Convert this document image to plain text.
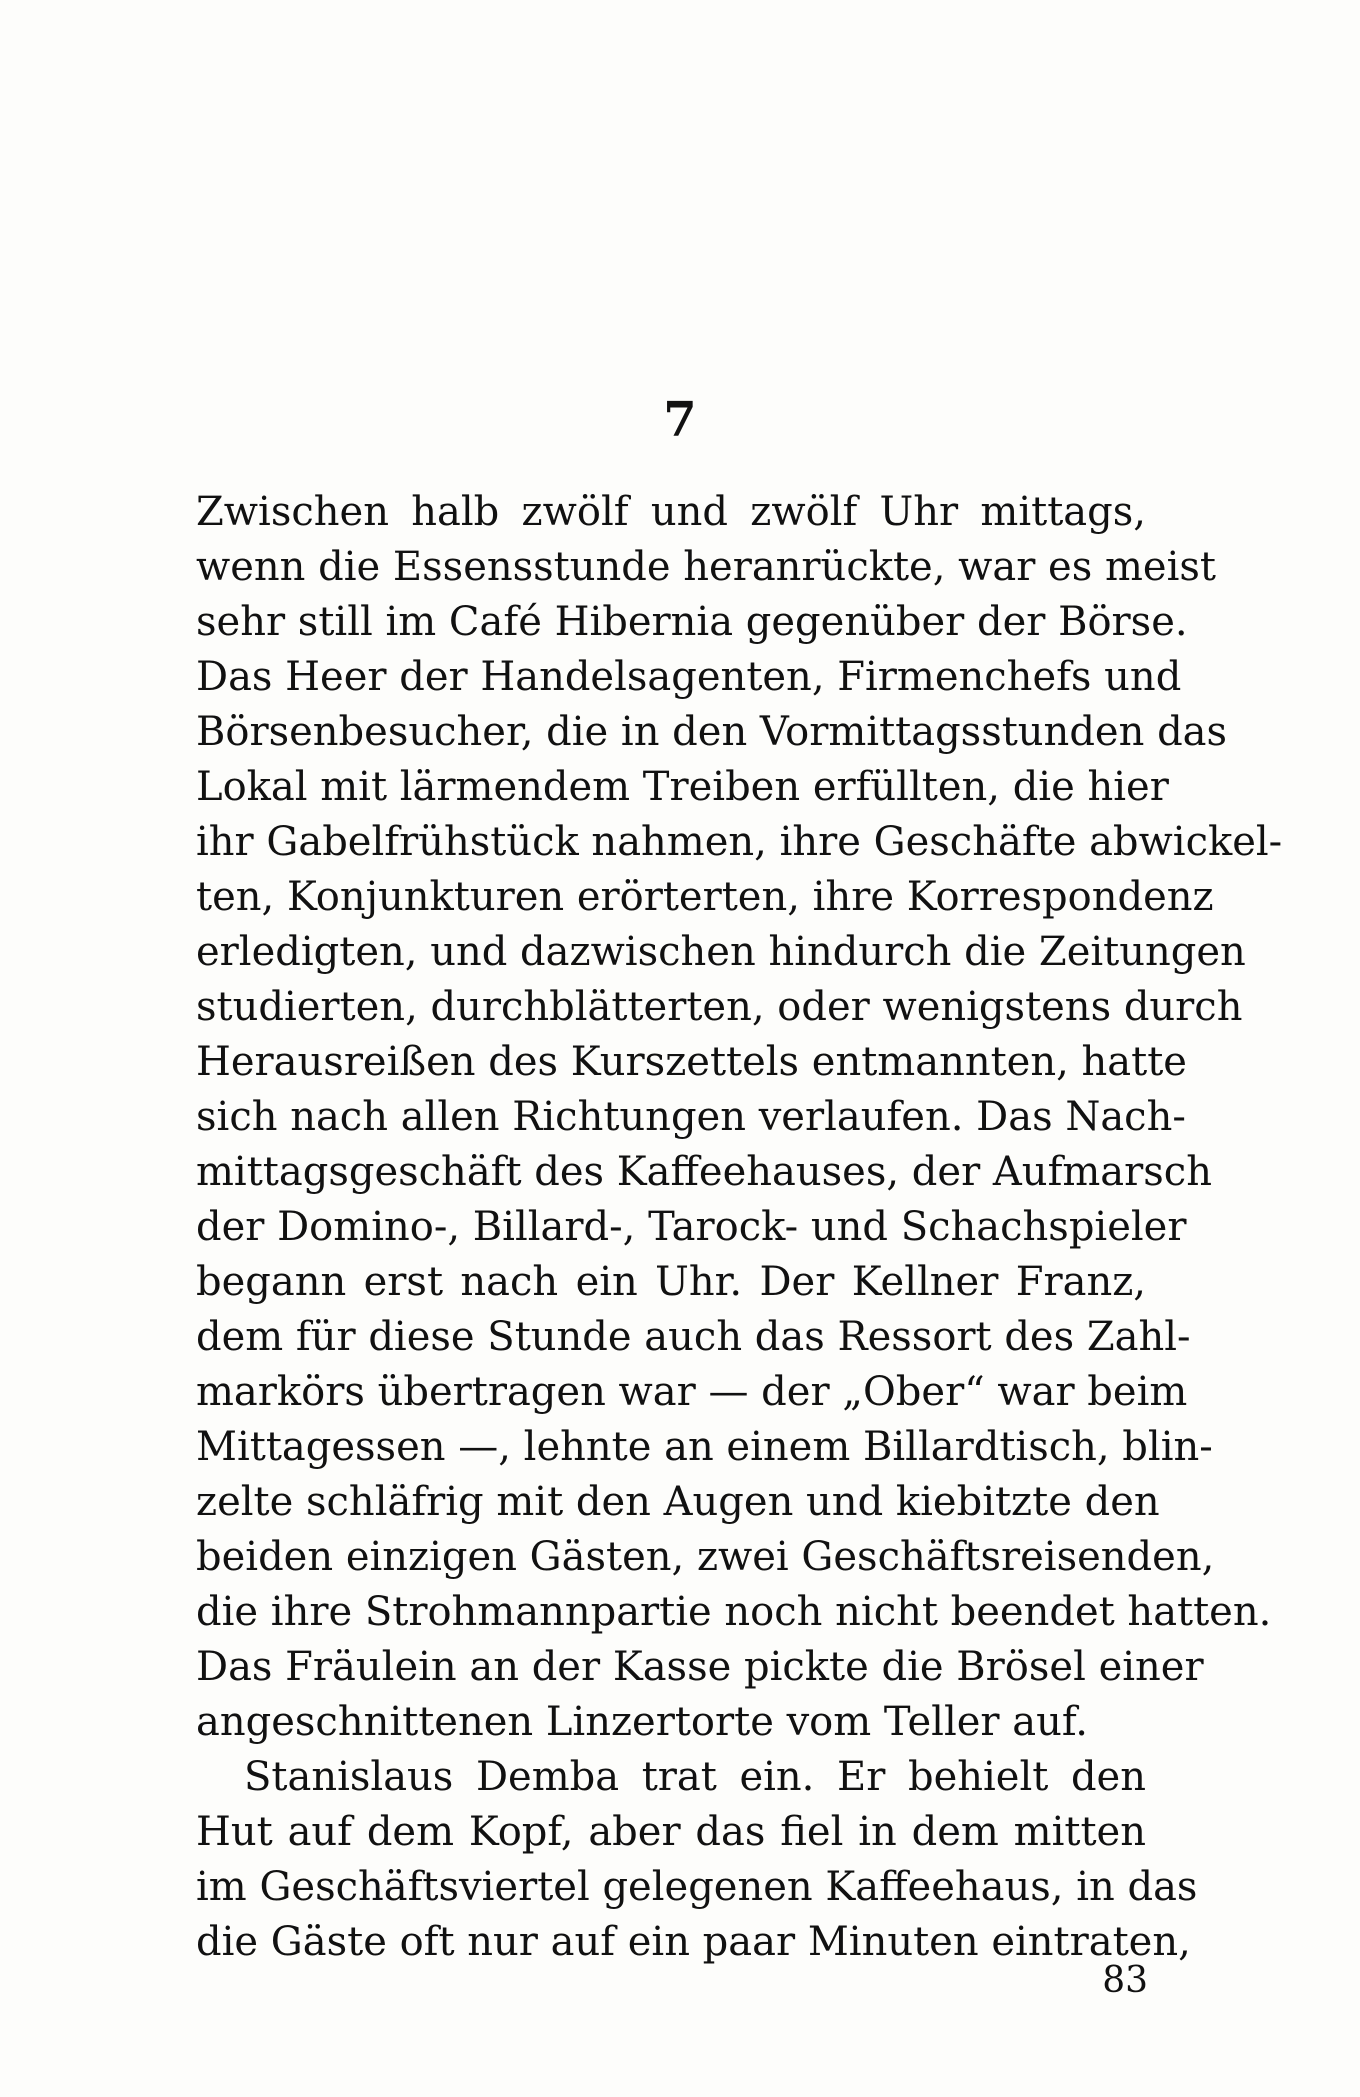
7
Zwischen halb zwölf und zwölf Uhr mittags,
wenn die Essensstunde heranrückte, war es meist
sehr still im Café Hibernia gegenüber der Börse.
Das Heer der Handelsagenten, Firmenchefs und
Börsenbesucher, die in den Vormittagsstunden das
Lokal mit lärmendem Treiben erfüllten, die hier
ihr Gabelfrühstück nahmen, ihre Geschäfte abwickel-
ten, Konjunkturen erörterten, ihre Korrespondenz
erledigten, und dazwischen hindurch die Zeitungen
studierten, durchblätterten, oder wenigstens durch
Herausreißen des Kurszettels entmannten, hatte
sich nach allen Richtungen verlaufen. Das Nach-
mittagsgeschäft des Kaffeehauses, der Aufmarsch
der Domino-, Billard-, Tarock- und Schachspieler
begann erst nach ein Uhr. Der Kellner Franz,
dem für diese Stunde auch das Ressort des Zahl-
markörs übertragen war — der „Ober“ war beim
Mittagessen —, lehnte an einem Billardtisch, blin-
zelte schläfrig mit den Augen und kiebitzte den
beiden einzigen Gästen, zwei Geschäftsreisenden,
die ihre Strohmannpartie noch nicht beendet hatten.
Das Fräulein an der Kasse pickte die Brösel einer
angeschnittenen Linzertorte vom Teller auf.
Stanislaus Demba trat ein. Er behielt den
Hut auf dem Kopf, aber das fiel in dem mitten
im Geschäftsviertel gelegenen Kaffeehaus, in das
die Gäste oft nur auf ein paar Minuten eintraten,
83
